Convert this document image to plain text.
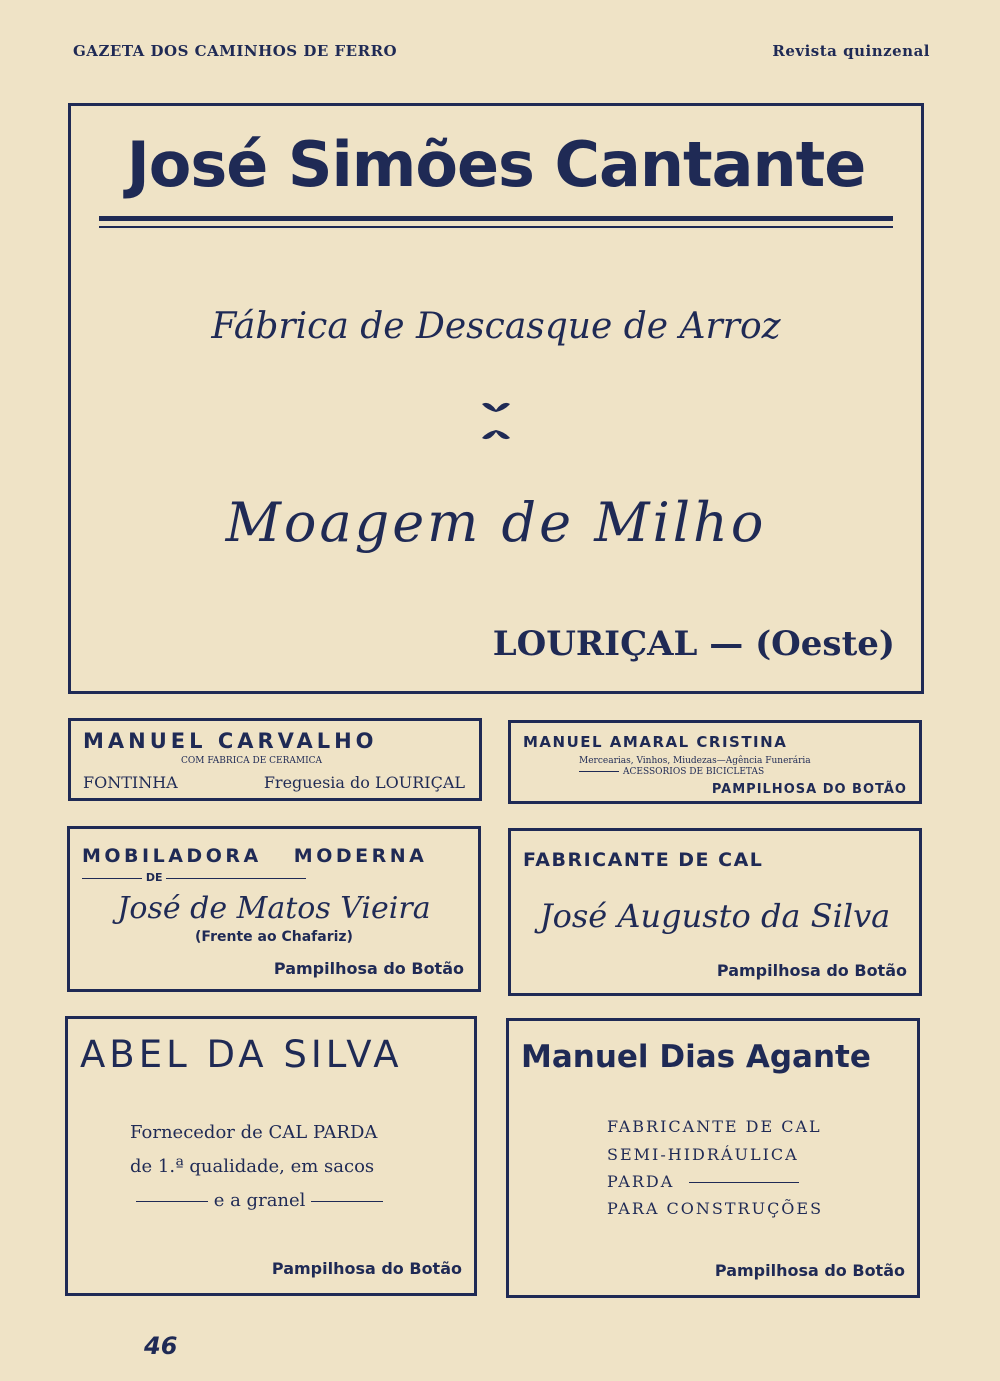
GAZETA DOS CAMINHOS DE FERRO	Revista quinzenal
José Simões Cantante
Fábrica de Descasque de Arroz
Moagem de Milho
LOURIÇAL — (Oeste)
MANUEL CARVALHO
COM FABRICA DE CERAMICA
FONTINHA	Freguesia do LOURIÇAL
MANUEL AMARAL CRISTINA
Mercearias, Vinhos, Miudezas—Agência Funerária
ACESSORIOS DE BICICLETAS
PAMPILHOSA DO BOTÃO
MOBILADORA MODERNA
DE
José de Matos Vieira
(Frente ao Chafariz)
Pampilhosa do Botão
FABRICANTE DE CAL
José Augusto da Silva
Pampilhosa do Botão
ABEL DA SILVA
Fornecedor de CAL PARDA
de 1.ª qualidade, em sacos
e a granel
Pampilhosa do Botão
Manuel Dias Agante
FABRICANTE DE CAL
SEMI-HIDRÁULICA
PARDA
PARA CONSTRUÇÕES
Pampilhosa do Botão
46
